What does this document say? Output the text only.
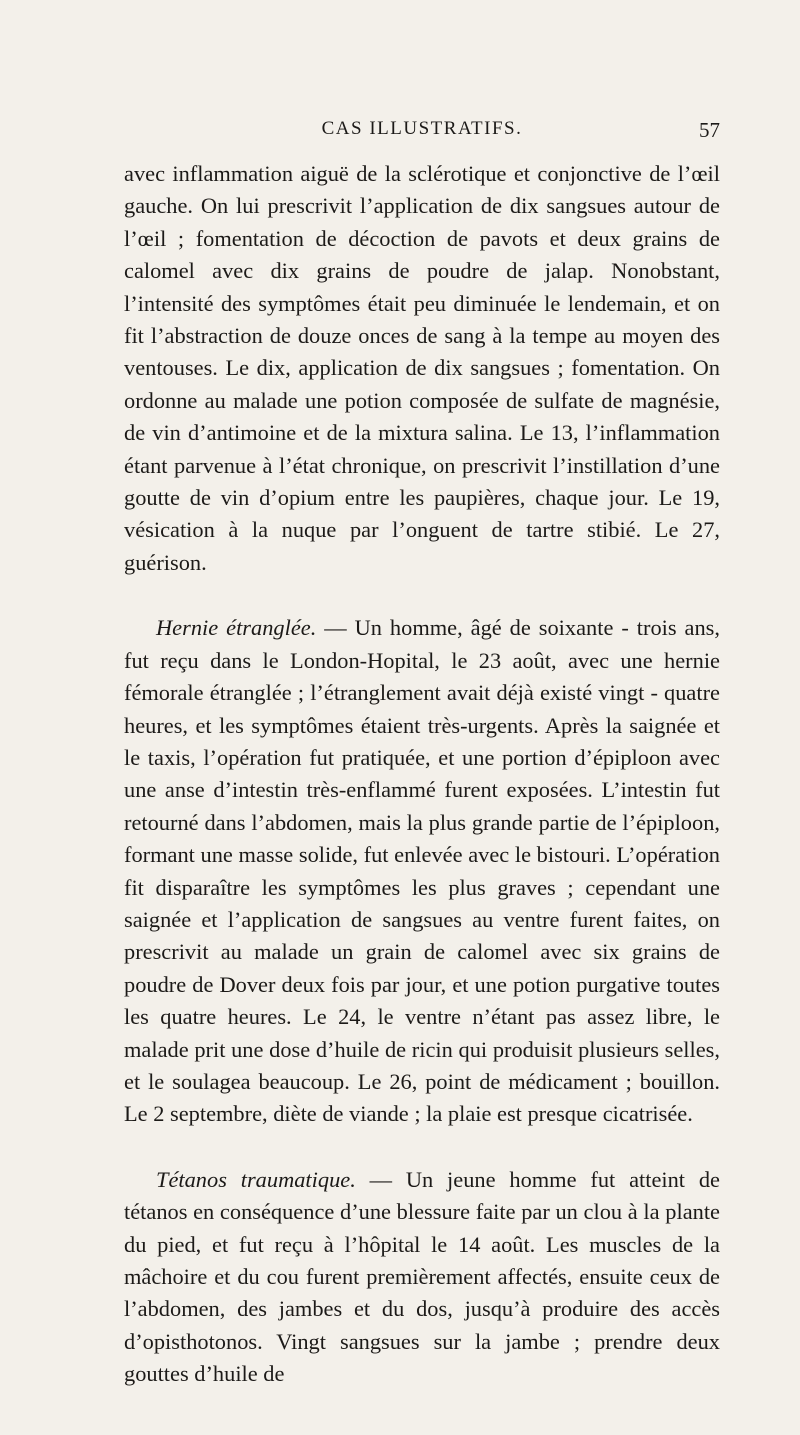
CAS ILLUSTRATIFS.	57

avec inflammation aiguë de la sclérotique et conjonctive de l’œil gauche. On lui prescrivit l’application de dix sangsues autour de l’œil ; fomentation de décoction de pavots et deux grains de calomel avec dix grains de poudre de jalap. Nonobstant, l’intensité des symptômes était peu diminuée le lendemain, et on fit l’abstraction de douze onces de sang à la tempe au moyen des ventouses. Le dix, application de dix sangsues ; fomentation. On ordonne au malade une potion composée de sulfate de magnésie, de vin d’antimoine et de la mixtura salina. Le 13, l’inflammation étant parvenue à l’état chronique, on prescrivit l’instillation d’une goutte de vin d’opium entre les paupières, chaque jour. Le 19, vésication à la nuque par l’onguent de tartre stibié. Le 27, guérison.

Hernie étranglée. — Un homme, âgé de soixante - trois ans, fut reçu dans le London-Hopital, le 23 août, avec une hernie fémorale étranglée ; l’étranglement avait déjà existé vingt - quatre heures, et les symptômes étaient très-urgents. Après la saignée et le taxis, l’opération fut pratiquée, et une portion d’épiploon avec une anse d’intestin très-enflammé furent exposées. L’intestin fut retourné dans l’abdomen, mais la plus grande partie de l’épiploon, formant une masse solide, fut enlevée avec le bistouri. L’opération fit disparaître les symptômes les plus graves ; cependant une saignée et l’application de sangsues au ventre furent faites, on prescrivit au malade un grain de calomel avec six grains de poudre de Dover deux fois par jour, et une potion purgative toutes les quatre heures. Le 24, le ventre n’étant pas assez libre, le malade prit une dose d’huile de ricin qui produisit plusieurs selles, et le soulagea beaucoup. Le 26, point de médicament ; bouillon. Le 2 septembre, diète de viande ; la plaie est presque cicatrisée.

Tétanos traumatique. — Un jeune homme fut atteint de tétanos en conséquence d’une blessure faite par un clou à la plante du pied, et fut reçu à l’hôpital le 14 août. Les muscles de la mâchoire et du cou furent premièrement affectés, ensuite ceux de l’abdomen, des jambes et du dos, jusqu’à produire des accès d’opisthotonos. Vingt sangsues sur la jambe ; prendre deux gouttes d’huile de
